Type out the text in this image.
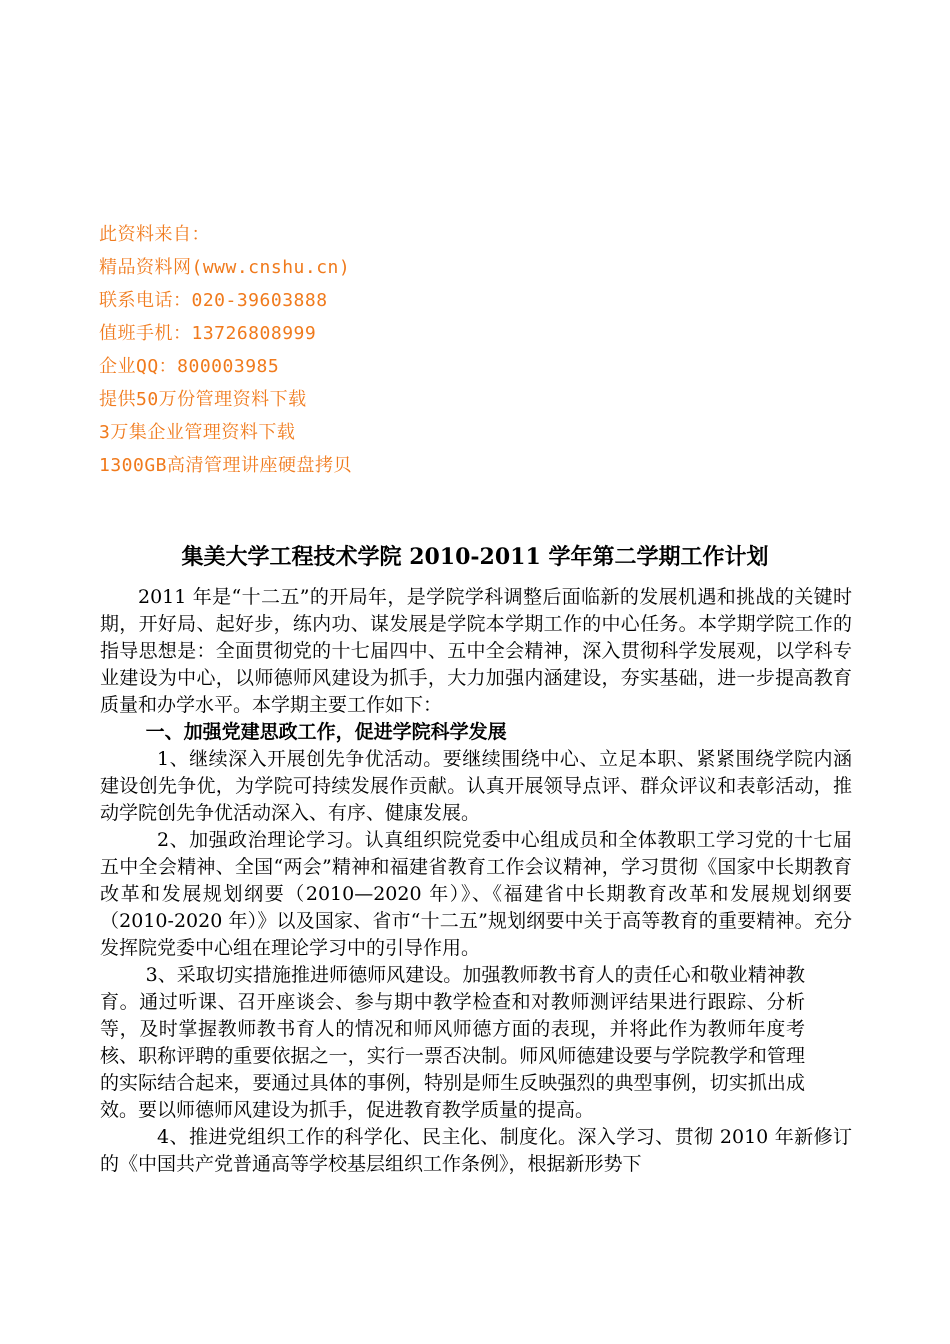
此资料来自：
精品资料网(www.cnshu.cn)
联系电话：020-39603888
值班手机：13726808999
企业QQ：800003985
提供50万份管理资料下载
3万集企业管理资料下载
1300GB高清管理讲座硬盘拷贝
集美大学工程技术学院 2010-2011 学年第二学期工作计划

2011 年是“十二五”的开局年，是学院学科调整后面临新的发展机遇和挑战的关键时期，开好局、起好步，练内功、谋发展是学院本学期工作的中心任务。本学期学院工作的指导思想是：全面贯彻党的十七届四中、五中全会精神，深入贯彻科学发展观，以学科专业建设为中心，以师德师风建设为抓手，大力加强内涵建设，夯实基础，进一步提高教育质量和办学水平。本学期主要工作如下：

一、加强党建思政工作，促进学院科学发展

1、继续深入开展创先争优活动。要继续围绕中心、立足本职、紧紧围绕学院内涵建设创先争优，为学院可持续发展作贡献。认真开展领导点评、群众评议和表彰活动，推动学院创先争优活动深入、有序、健康发展。

2、加强政治理论学习。认真组织院党委中心组成员和全体教职工学习党的十七届五中全会精神、全国“两会”精神和福建省教育工作会议精神，学习贯彻《国家中长期教育改革和发展规划纲要（2010—2020 年）》、《福建省中长期教育改革和发展规划纲要（2010-2020 年）》以及国家、省市“十二五”规划纲要中关于高等教育的重要精神。充分发挥院党委中心组在理论学习中的引导作用。

3、采取切实措施推进师德师风建设。加强教师教书育人的责任心和敬业精神教育。通过听课、召开座谈会、参与期中教学检查和对教师测评结果进行跟踪、分析等，及时掌握教师教书育人的情况和师风师德方面的表现，并将此作为教师年度考核、职称评聘的重要依据之一，实行一票否决制。师风师德建设要与学院教学和管理的实际结合起来，要通过具体的事例，特别是师生反映强烈的典型事例，切实抓出成效。要以师德师风建设为抓手，促进教育教学质量的提高。

4、推进党组织工作的科学化、民主化、制度化。深入学习、贯彻 2010 年新修订的《中国共产党普通高等学校基层组织工作条例》，根据新形势下
